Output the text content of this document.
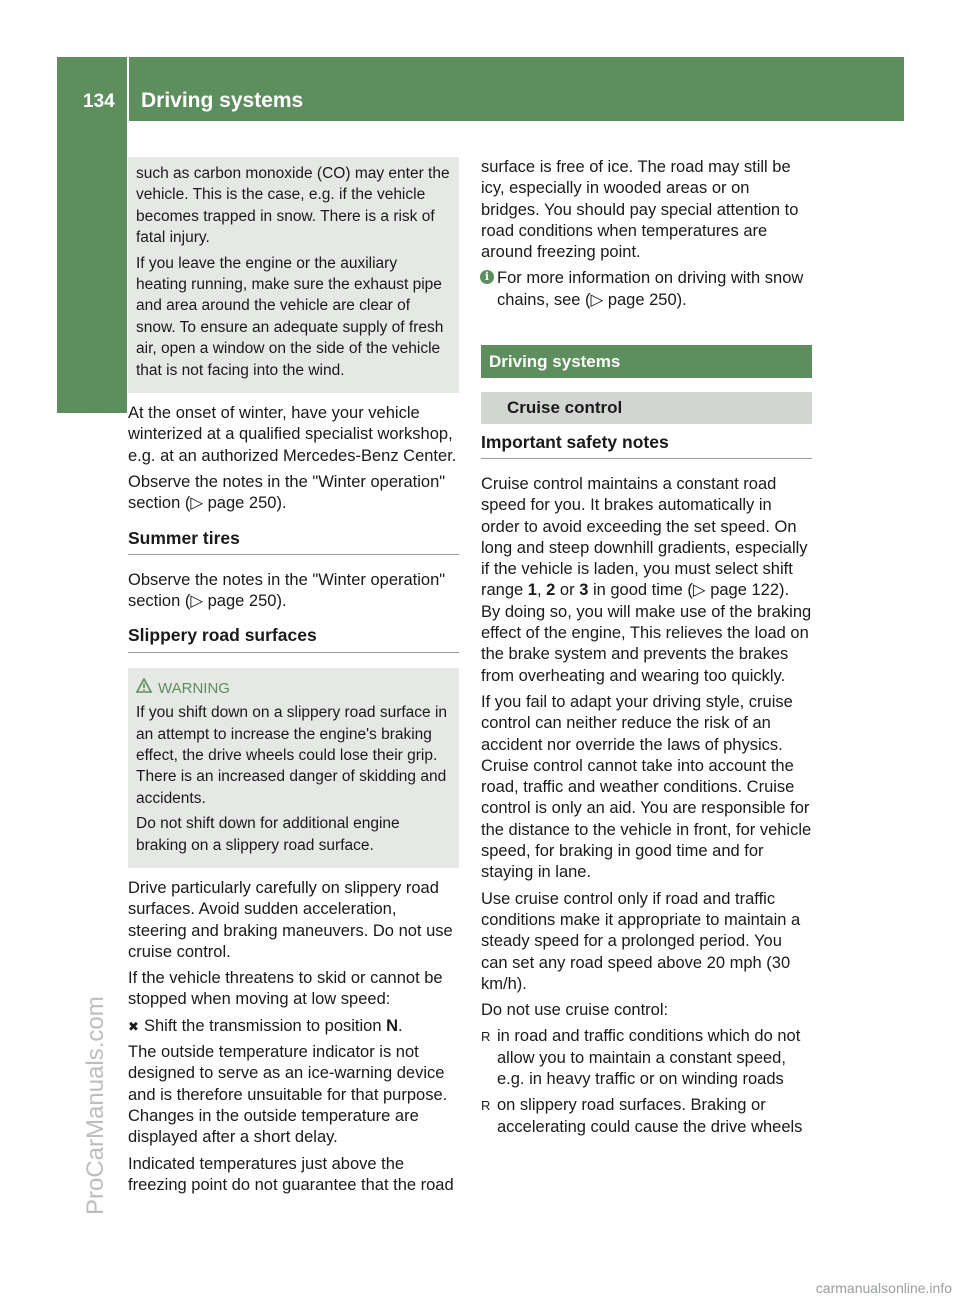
134 Driving systems
Driving and parking
ProCarManuals.com
carmanualsonline.info

such as carbon monoxide (CO) may enter the vehicle. This is the case, e.g. if the vehicle becomes trapped in snow. There is a risk of fatal injury.

If you leave the engine or the auxiliary heating running, make sure the exhaust pipe and area around the vehicle are clear of snow. To ensure an adequate supply of fresh air, open a window on the side of the vehicle that is not facing into the wind.

At the onset of winter, have your vehicle winterized at a qualified specialist workshop, e.g. at an authorized Mercedes-Benz Center.

Observe the notes in the "Winter operation" section (▷ page 250).

Summer tires

Observe the notes in the "Winter operation" section (▷ page 250).

Slippery road surfaces
WARNING

If you shift down on a slippery road surface in an attempt to increase the engine's braking effect, the drive wheels could lose their grip. There is an increased danger of skidding and accidents.

Do not shift down for additional engine braking on a slippery road surface.

Drive particularly carefully on slippery road surfaces. Avoid sudden acceleration, steering and braking maneuvers. Do not use cruise control.

If the vehicle threatens to skid or cannot be stopped when moving at low speed:

✖ Shift the transmission to position N.

The outside temperature indicator is not designed to serve as an ice-warning device and is therefore unsuitable for that purpose. Changes in the outside temperature are displayed after a short delay.

Indicated temperatures just above the freezing point do not guarantee that the road

surface is free of ice. The road may still be icy, especially in wooded areas or on bridges. You should pay special attention to road conditions when temperatures are around freezing point.

i For more information on driving with snow chains, see (▷ page 250).

Driving systems
Cruise control
Important safety notes

Cruise control maintains a constant road speed for you. It brakes automatically in order to avoid exceeding the set speed. On long and steep downhill gradients, especially if the vehicle is laden, you must select shift range 1, 2 or 3 in good time (▷ page 122). By doing so, you will make use of the braking effect of the engine, This relieves the load on the brake system and prevents the brakes from overheating and wearing too quickly.

If you fail to adapt your driving style, cruise control can neither reduce the risk of an accident nor override the laws of physics. Cruise control cannot take into account the road, traffic and weather conditions. Cruise control is only an aid. You are responsible for the distance to the vehicle in front, for vehicle speed, for braking in good time and for staying in lane.

Use cruise control only if road and traffic conditions make it appropriate to maintain a steady speed for a prolonged period. You can set any road speed above 20 mph (30 km/h).

Do not use cruise control:

R in road and traffic conditions which do not allow you to maintain a constant speed, e.g. in heavy traffic or on winding roads

R on slippery road surfaces. Braking or accelerating could cause the drive wheels
